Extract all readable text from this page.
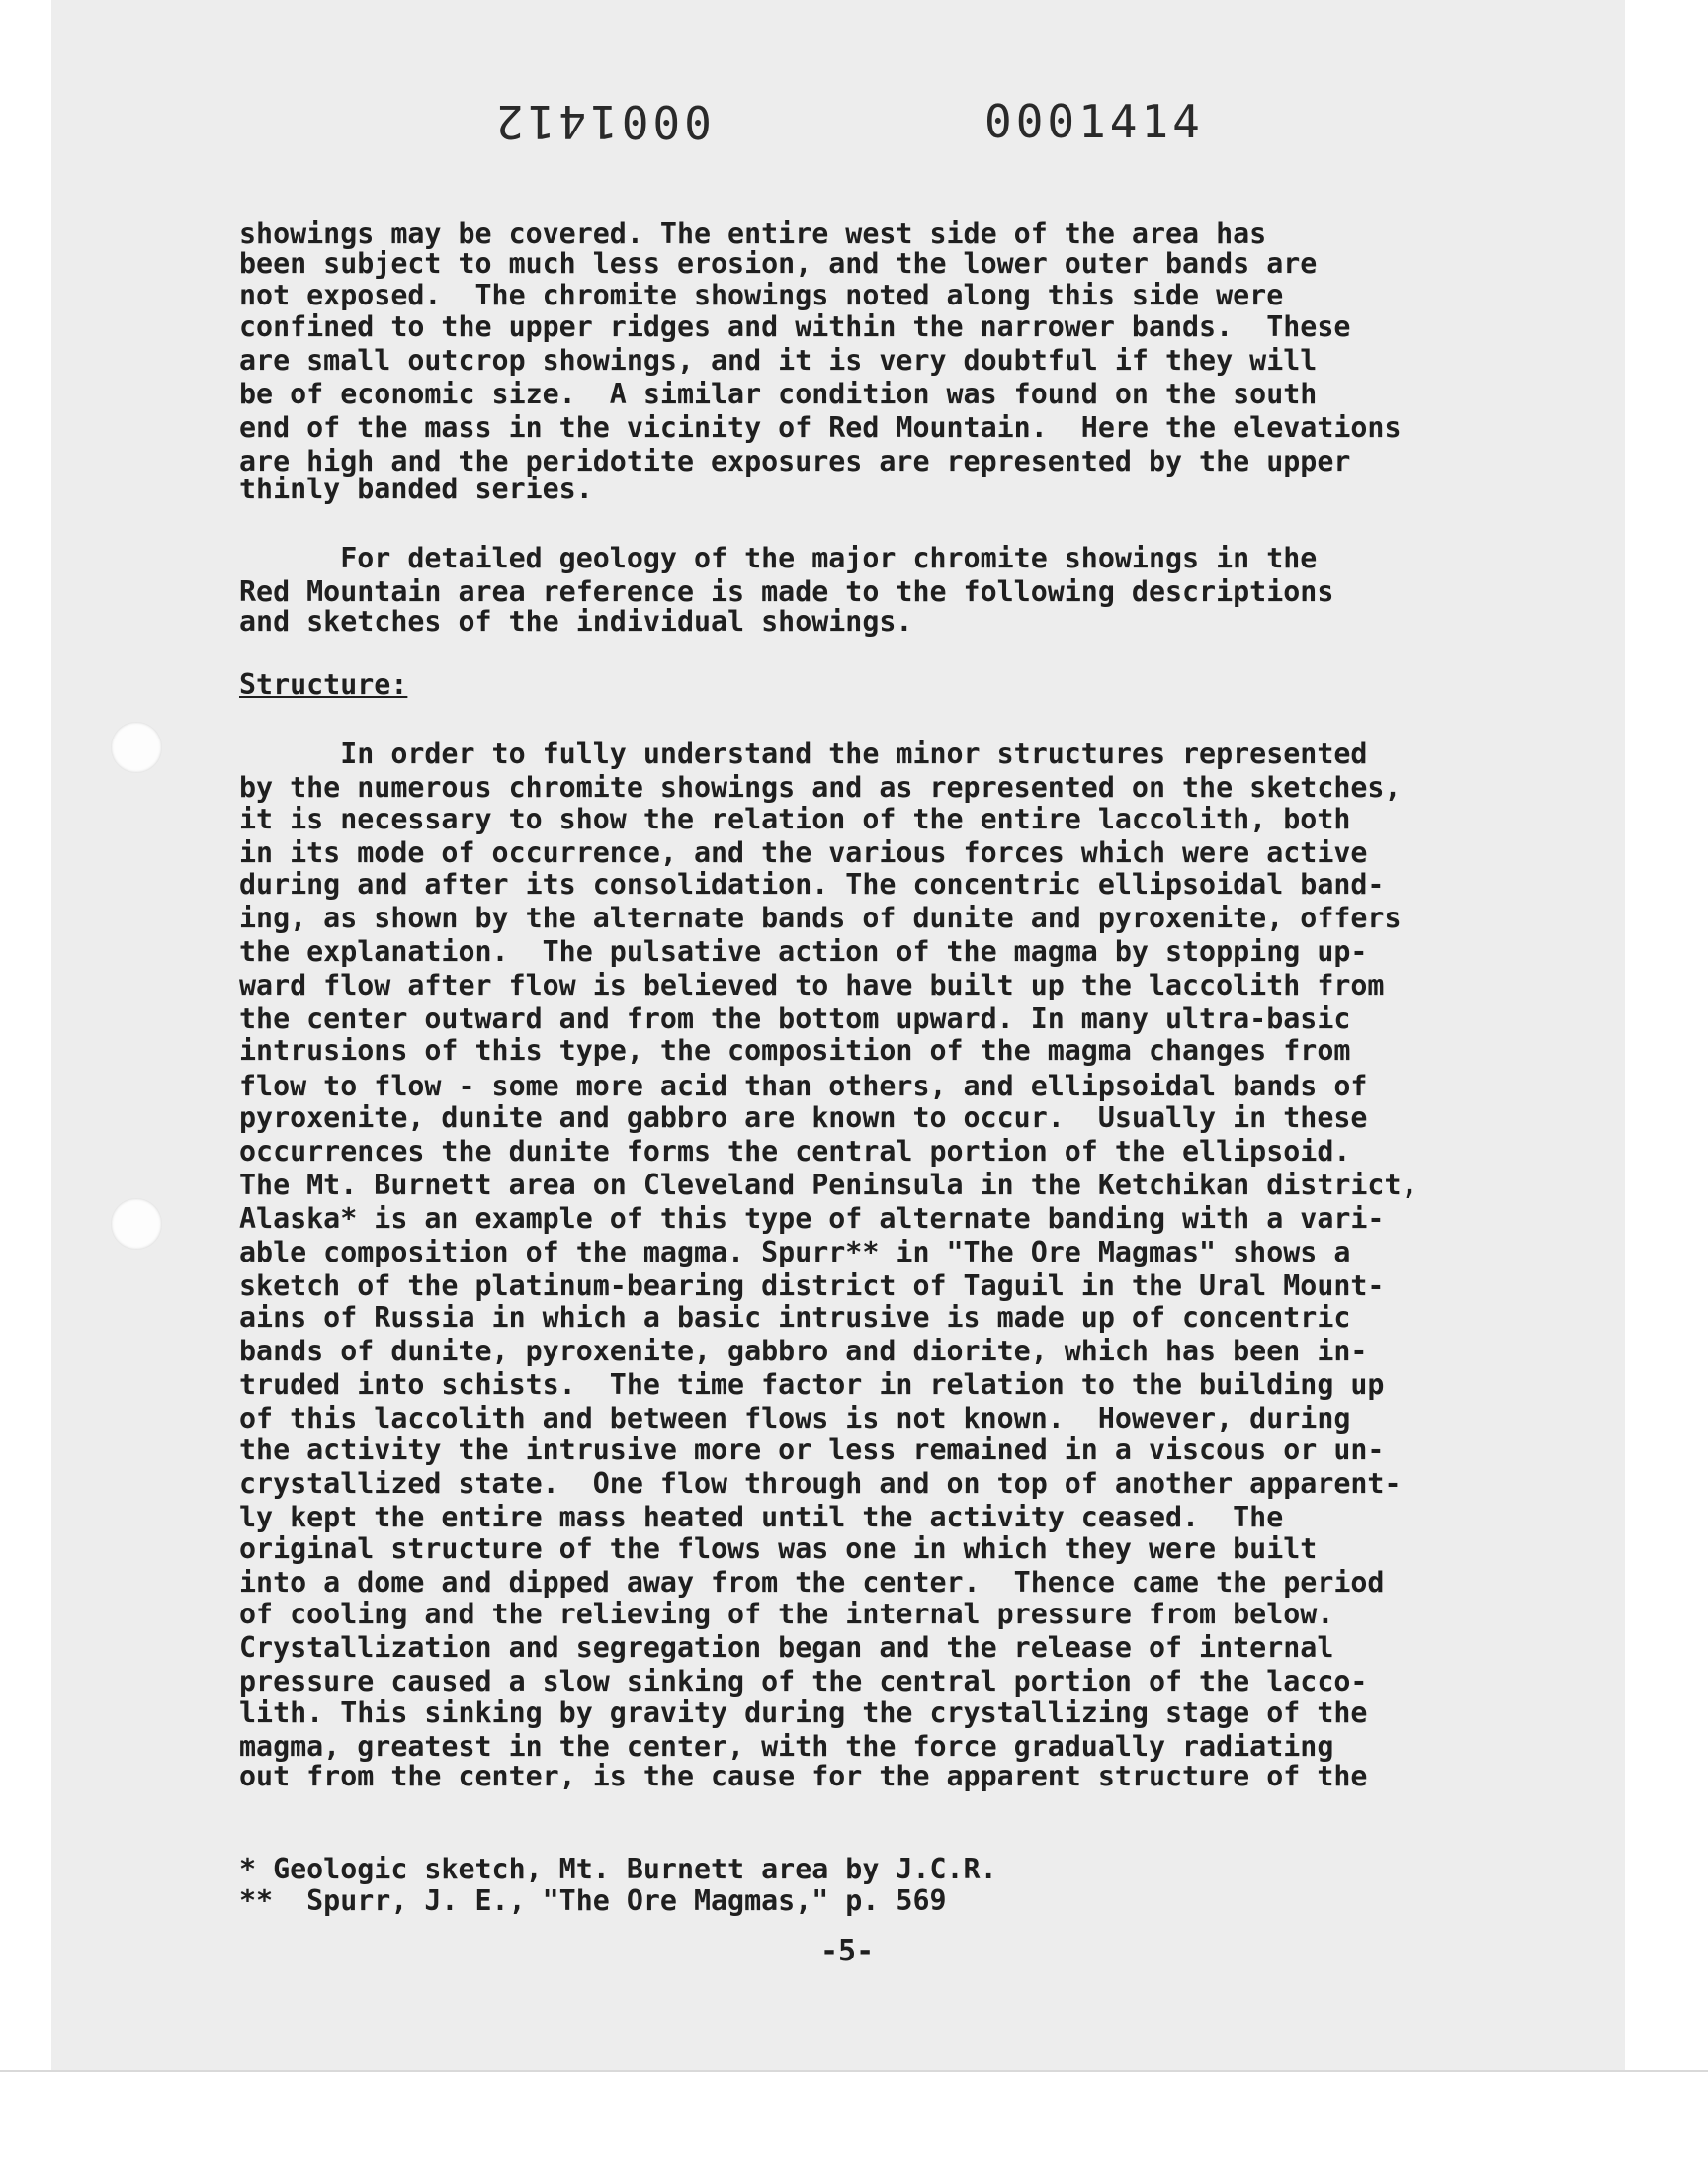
0001412	0001414
showings may be covered. The entire west side of the area has
been subject to much less erosion, and the lower outer bands are
not exposed.  The chromite showings noted along this side were
confined to the upper ridges and within the narrower bands.  These
are small outcrop showings, and it is very doubtful if they will
be of economic size.  A similar condition was found on the south
end of the mass in the vicinity of Red Mountain.  Here the elevations
are high and the peridotite exposures are represented by the upper
thinly banded series.
For detailed geology of the major chromite showings in the
Red Mountain area reference is made to the following descriptions
and sketches of the individual showings.
Structure:
In order to fully understand the minor structures represented
by the numerous chromite showings and as represented on the sketches,
it is necessary to show the relation of the entire laccolith, both
in its mode of occurrence, and the various forces which were active
during and after its consolidation. The concentric ellipsoidal band-
ing, as shown by the alternate bands of dunite and pyroxenite, offers
the explanation.  The pulsative action of the magma by stopping up-
ward flow after flow is believed to have built up the laccolith from
the center outward and from the bottom upward. In many ultra-basic
intrusions of this type, the composition of the magma changes from
flow to flow - some more acid than others, and ellipsoidal bands of
pyroxenite, dunite and gabbro are known to occur.  Usually in these
occurrences the dunite forms the central portion of the ellipsoid.
The Mt. Burnett area on Cleveland Peninsula in the Ketchikan district,
Alaska* is an example of this type of alternate banding with a vari-
able composition of the magma. Spurr** in "The Ore Magmas" shows a
sketch of the platinum-bearing district of Taguil in the Ural Mount-
ains of Russia in which a basic intrusive is made up of concentric
bands of dunite, pyroxenite, gabbro and diorite, which has been in-
truded into schists.  The time factor in relation to the building up
of this laccolith and between flows is not known.  However, during
the activity the intrusive more or less remained in a viscous or un-
crystallized state.  One flow through and on top of another apparent-
ly kept the entire mass heated until the activity ceased.  The
original structure of the flows was one in which they were built
into a dome and dipped away from the center.  Thence came the period
of cooling and the relieving of the internal pressure from below.
Crystallization and segregation began and the release of internal
pressure caused a slow sinking of the central portion of the lacco-
lith. This sinking by gravity during the crystallizing stage of the
magma, greatest in the center, with the force gradually radiating
out from the center, is the cause for the apparent structure of the
* Geologic sketch, Mt. Burnett area by J.C.R.
**  Spurr, J. E., "The Ore Magmas," p. 569
-5-
